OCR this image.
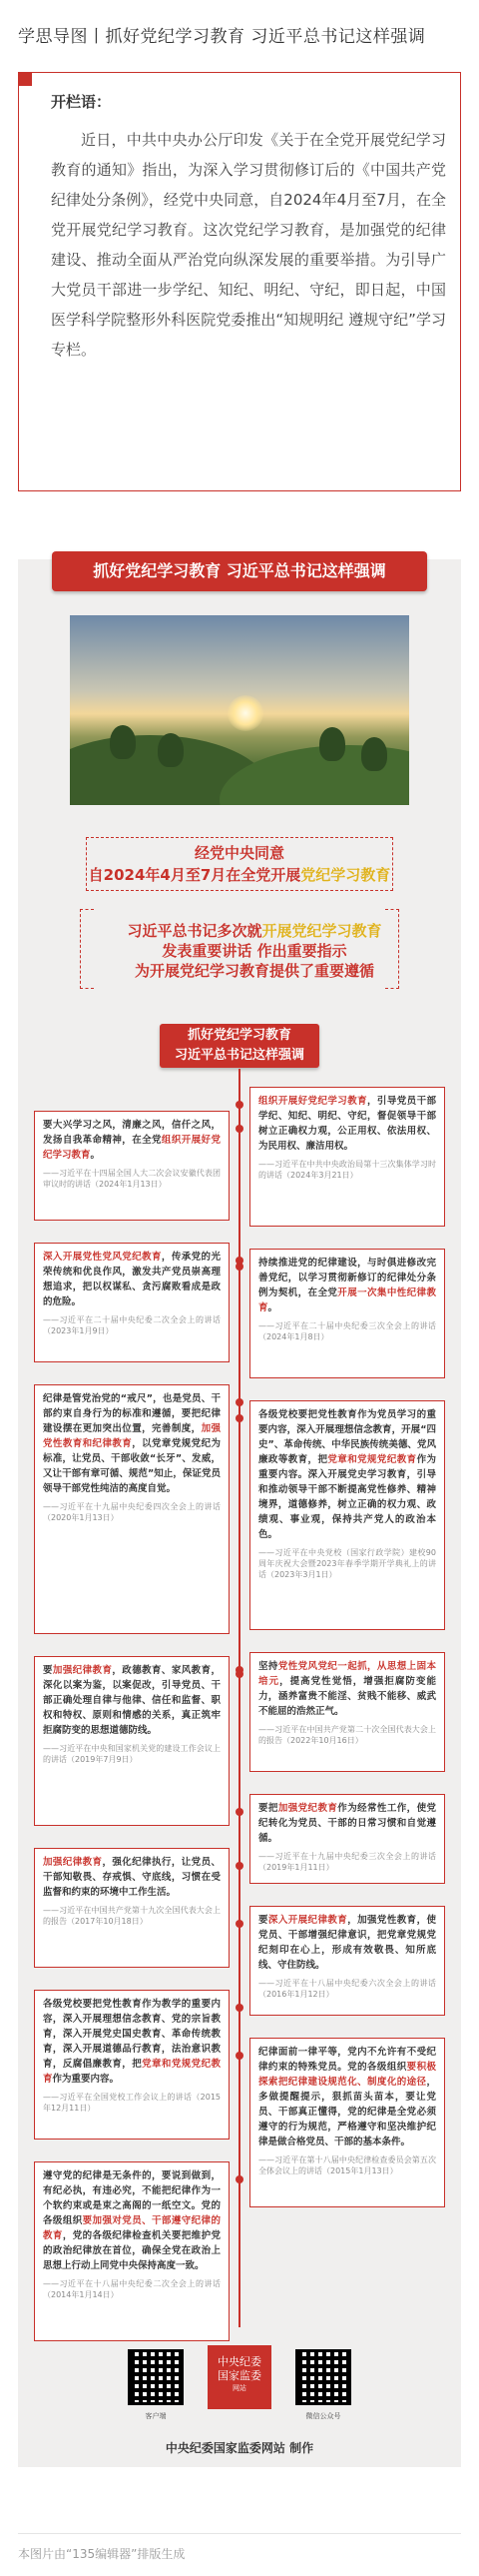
学思导图丨抓好党纪学习教育 习近平总书记这样强调
开栏语：
近日，中共中央办公厅印发《关于在全党开展党纪学习教育的通知》指出，为深入学习贯彻修订后的《中国共产党纪律处分条例》，经党中央同意，自2024年4月至7月，在全党开展党纪学习教育。这次党纪学习教育，是加强党的纪律建设、推动全面从严治党向纵深发展的重要举措。为引导广大党员干部进一步学纪、知纪、明纪、守纪，即日起，中国医学科学院整形外科医院党委推出“知规明纪 遵规守纪”学习专栏。
抓好党纪学习教育 习近平总书记这样强调
经党中央同意
自2024年4月至7月在全党开展党纪学习教育
习近平总书记多次就开展党纪学习教育
发表重要讲话 作出重要指示
为开展党纪学习教育提供了重要遵循
抓好党纪学习教育
习近平总书记这样强调
组织开展好党纪学习教育，引导党员干部学纪、知纪、明纪、守纪，督促领导干部树立正确权力观，公正用权、依法用权、为民用权、廉洁用权。
——习近平在中共中央政治局第十三次集体学习时的讲话（2024年3月21日）
持续推进党的纪律建设，与时俱进修改完善党纪，以学习贯彻新修订的纪律处分条例为契机，在全党开展一次集中性纪律教育。
——习近平在二十届中央纪委三次全会上的讲话（2024年1月8日）
各级党校要把党性教育作为党员学习的重要内容，深入开展理想信念教育，开展“四史”、革命传统、中华民族传统美德、党风廉政等教育，把党章和党规党纪教育作为重要内容。深入开展党史学习教育，引导和推动领导干部不断提高党性修养、精神境界，道德修养，树立正确的权力观、政绩观、事业观，保持共产党人的政治本色。
——习近平在中央党校（国家行政学院）建校90周年庆祝大会暨2023年春季学期开学典礼上的讲话（2023年3月1日）
坚持党性党风党纪一起抓，从思想上固本培元，提高党性觉悟，增强拒腐防变能力，涵养富贵不能淫、贫贱不能移、威武不能屈的浩然正气。
——习近平在中国共产党第二十次全国代表大会上的报告（2022年10月16日）
要把加强党纪教育作为经常性工作，使党纪转化为党员、干部的日常习惯和自觉遵循。
——习近平在十九届中央纪委三次全会上的讲话（2019年1月11日）
要深入开展纪律教育，加强党性教育，使党员、干部增强纪律意识，把党章党规党纪刻印在心上，形成有效敬畏、知所底线、守住防线。
——习近平在十八届中央纪委六次全会上的讲话（2016年1月12日）
纪律面前一律平等，党内不允许有不受纪律约束的特殊党员。党的各级组织要积极探索把纪律建设规范化、制度化的途径，多做提醒提示，狠抓苗头苗本，要让党员、干部真正懂得，党的纪律是全党必须遵守的行为规范，严格遵守和坚决维护纪律是做合格党员、干部的基本条件。
——习近平在第十八届中央纪律检查委员会第五次全体会议上的讲话（2015年1月13日）
要大兴学习之风，清廉之风，信仟之风，发扬自我革命精神，在全党组织开展好党纪学习教育。
——习近平在十四届全国人大二次会议安徽代表团审议时的讲话（2024年1月13日）
深入开展党性党风党纪教育，传承党的光荣传统和优良作风，激发共产党员崇高理想追求，把以权谋私、贪污腐败看成是政的危险。
——习近平在二十届中央纪委二次全会上的讲话（2023年1月9日）
纪律是管党治党的“戒尺”，也是党员、干部约束自身行为的标准和遵循，要把纪律建设摆在更加突出位置，完善制度，加强党性教育和纪律教育，以党章党规党纪为标准，让党员、干部收敛“长牙”、发威，又让干部有章可循、规范”知止，保证党员领导干部党性纯洁的高度自觉。
——习近平在十九届中央纪委四次全会上的讲话（2020年1月13日）
要加强纪律教育，政德教育、家风教育，深化以案为鉴，以案促改，引导党员、干部正确处理自律与他律、信任和监督、职权和特权、原则和情感的关系，真正筑牢拒腐防变的思想道德防线。
——习近平在中央和国家机关党的建设工作会议上的讲话（2019年7月9日）
加强纪律教育，强化纪律执行，让党员、干部知敬畏、存戒惧、守底线，习惯在受监督和约束的环境中工作生活。
——习近平在中国共产党第十九次全国代表大会上的报告（2017年10月18日）
各级党校要把党性教育作为教学的重要内容，深入开展理想信念教育、党的宗旨教育，深入开展党史国史教育、革命传统教育，深入开展道德品行教育，法治意识教育，反腐倡廉教育，把党章和党规党纪教育作为重要内容。
——习近平在全国党校工作会议上的讲话（2015年12月11日）
遵守党的纪律是无条件的，要说到做到，有纪必执，有违必究，不能把纪律作为一个软约束或是束之高阁的一纸空文。党的各级组织要加强对党员、干部遵守纪律的教育，党的各级纪律检查机关要把维护党的政治纪律放在首位，确保全党在政治上思想上行动上同党中央保持高度一致。
——习近平在十八届中央纪委二次全会上的讲话（2014年1月14日）
客户端
中央纪委
国家监委
网站
微信公众号
中央纪委国家监委网站 制作
本图片由“135编辑器”排版生成
